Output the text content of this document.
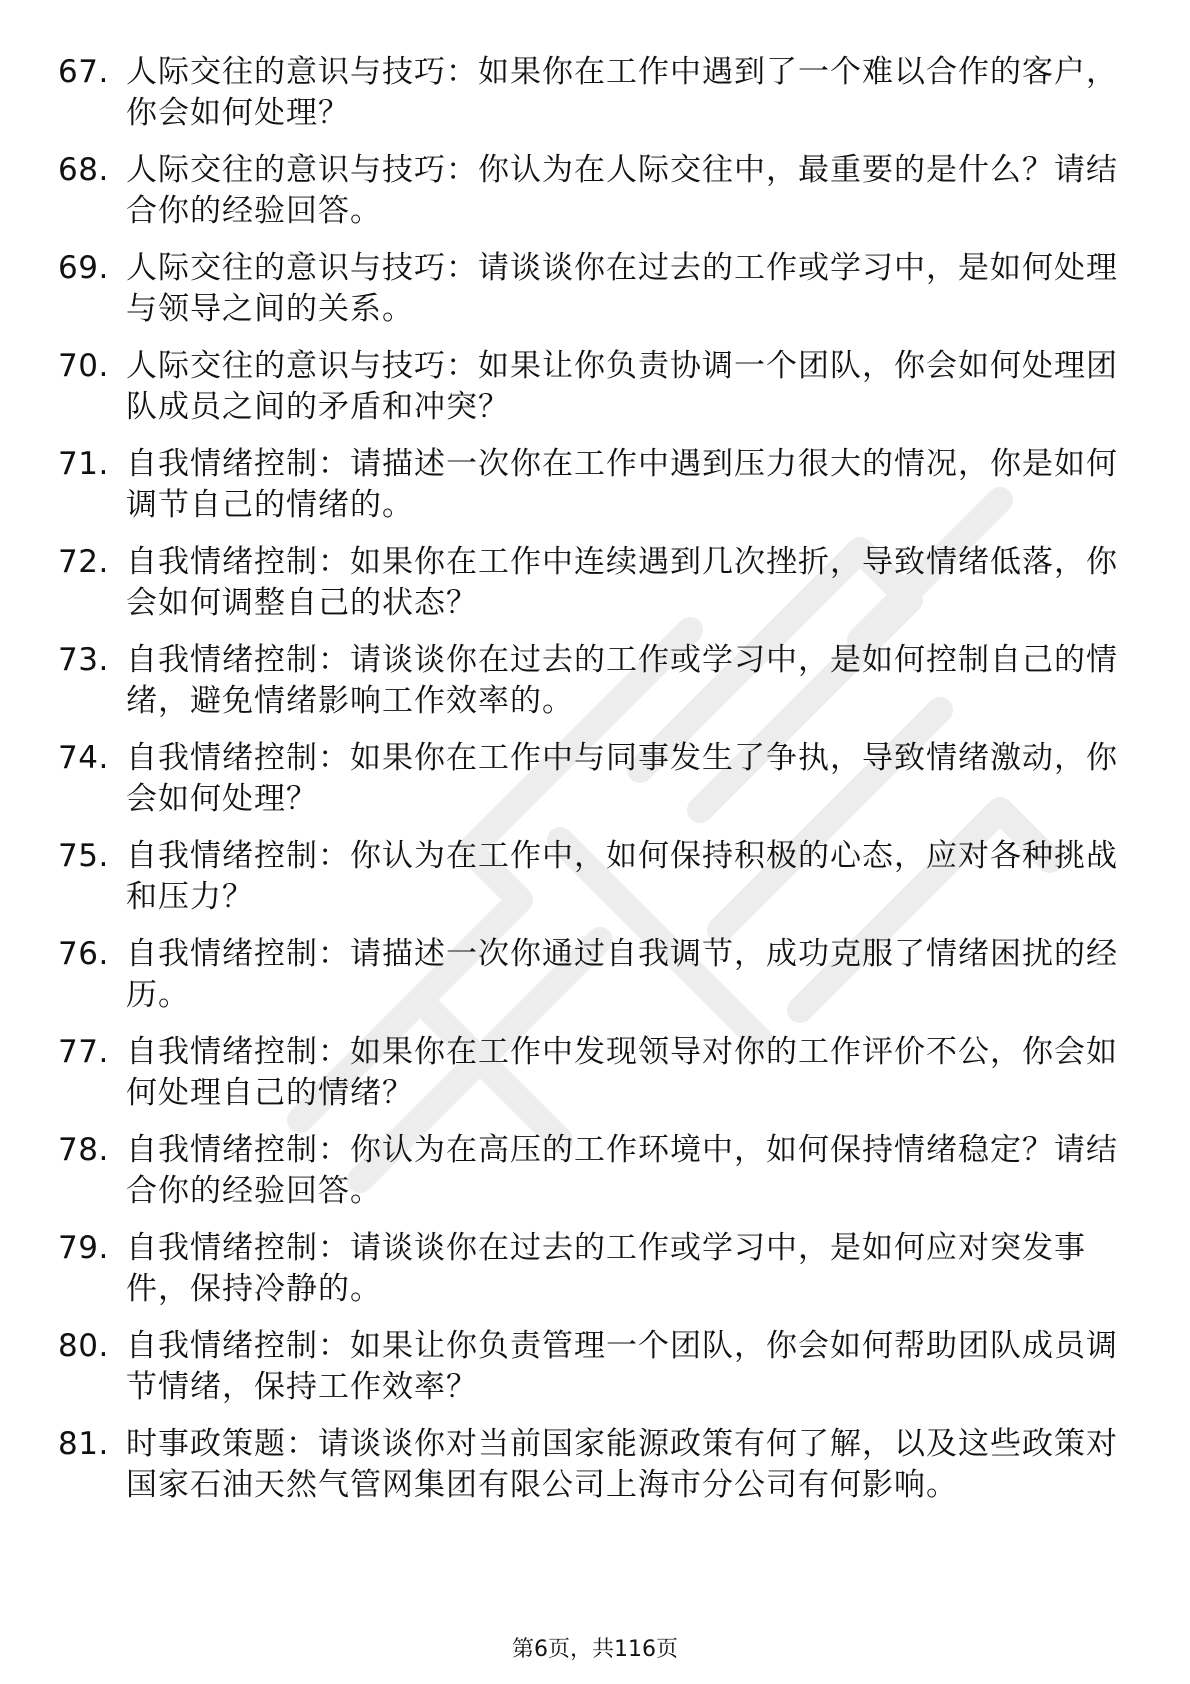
67. 人际交往的意识与技巧：如果你在工作中遇到了一个难以合作的客户，你会如何处理？
68. 人际交往的意识与技巧：你认为在人际交往中，最重要的是什么？请结合你的经验回答。
69. 人际交往的意识与技巧：请谈谈你在过去的工作或学习中，是如何处理与领导之间的关系。
70. 人际交往的意识与技巧：如果让你负责协调一个团队，你会如何处理团队成员之间的矛盾和冲突？
71. 自我情绪控制：请描述一次你在工作中遇到压力很大的情况，你是如何调节自己的情绪的。
72. 自我情绪控制：如果你在工作中连续遇到几次挫折，导致情绪低落，你会如何调整自己的状态？
73. 自我情绪控制：请谈谈你在过去的工作或学习中，是如何控制自己的情绪，避免情绪影响工作效率的。
74. 自我情绪控制：如果你在工作中与同事发生了争执，导致情绪激动，你会如何处理？
75. 自我情绪控制：你认为在工作中，如何保持积极的心态，应对各种挑战和压力？
76. 自我情绪控制：请描述一次你通过自我调节，成功克服了情绪困扰的经历。
77. 自我情绪控制：如果你在工作中发现领导对你的工作评价不公，你会如何处理自己的情绪？
78. 自我情绪控制：你认为在高压的工作环境中，如何保持情绪稳定？请结合你的经验回答。
79. 自我情绪控制：请谈谈你在过去的工作或学习中，是如何应对突发事件，保持冷静的。
80. 自我情绪控制：如果让你负责管理一个团队，你会如何帮助团队成员调节情绪，保持工作效率？
81. 时事政策题：请谈谈你对当前国家能源政策有何了解，以及这些政策对国家石油天然气管网集团有限公司上海市分公司有何影响。
第6页，共116页
